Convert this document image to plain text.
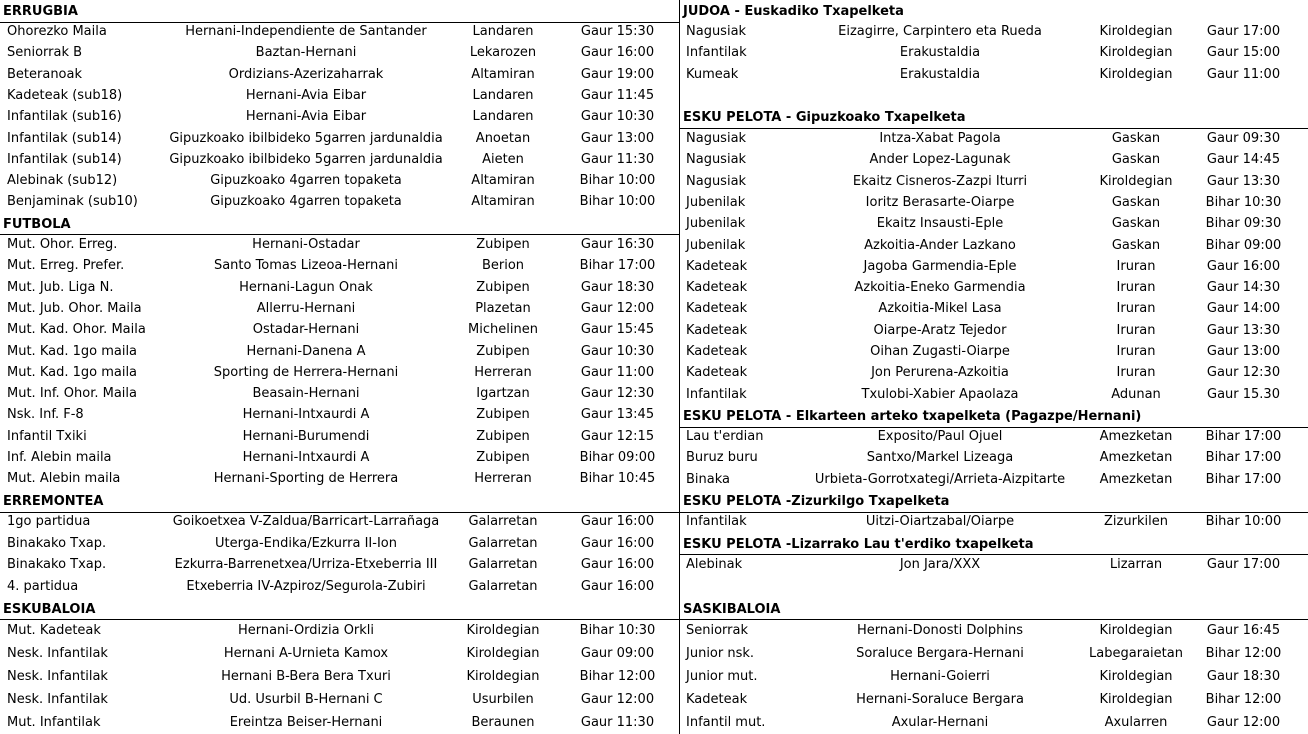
ERRUGBIA
Ohorezko Maila	Hernani-Independiente de Santander	Landaren	Gaur 15:30
Seniorrak B	Baztan-Hernani	Lekarozen	Gaur 16:00
Beteranoak	Ordizians-Azerizaharrak	Altamiran	Gaur 19:00
Kadeteak (sub18)	Hernani-Avia Eibar	Landaren	Gaur 11:45
Infantilak (sub16)	Hernani-Avia Eibar	Landaren	Gaur 10:30
Infantilak (sub14)	Gipuzkoako ibilbideko 5garren jardunaldia	Anoetan	Gaur 13:00
Infantilak (sub14)	Gipuzkoako ibilbideko 5garren jardunaldia	Aieten	Gaur 11:30
Alebinak (sub12)	Gipuzkoako 4garren topaketa	Altamiran	Bihar 10:00
Benjaminak (sub10)	Gipuzkoako 4garren topaketa	Altamiran	Bihar 10:00
FUTBOLA
Mut. Ohor. Erreg.	Hernani-Ostadar	Zubipen	Gaur 16:30
Mut. Erreg. Prefer.	Santo Tomas Lizeoa-Hernani	Berion	Bihar 17:00
Mut. Jub. Liga N.	Hernani-Lagun Onak	Zubipen	Gaur 18:30
Mut. Jub. Ohor. Maila	Allerru-Hernani	Plazetan	Gaur 12:00
Mut. Kad. Ohor. Maila	Ostadar-Hernani	Michelinen	Gaur 15:45
Mut. Kad. 1go maila	Hernani-Danena A	Zubipen	Gaur 10:30
Mut. Kad. 1go maila	Sporting de Herrera-Hernani	Herreran	Gaur 11:00
Mut. Inf. Ohor. Maila	Beasain-Hernani	Igartzan	Gaur 12:30
Nsk. Inf. F-8	Hernani-Intxaurdi A	Zubipen	Gaur 13:45
Infantil Txiki	Hernani-Burumendi	Zubipen	Gaur 12:15
Inf. Alebin maila	Hernani-Intxaurdi A	Zubipen	Bihar 09:00
Mut. Alebin maila	Hernani-Sporting de Herrera	Herreran	Bihar 10:45
ERREMONTEA
1go partidua	Goikoetxea V-Zaldua/Barricart-Larrañaga	Galarretan	Gaur 16:00
Binakako Txap.	Uterga-Endika/Ezkurra II-Ion	Galarretan	Gaur 16:00
Binakako Txap.	Ezkurra-Barrenetxea/Urriza-Etxeberria III	Galarretan	Gaur 16:00
4. partidua	Etxeberria IV-Azpiroz/Segurola-Zubiri	Galarretan	Gaur 16:00
ESKUBALOIA
Mut. Kadeteak	Hernani-Ordizia Orkli	Kiroldegian	Bihar 10:30
Nesk. Infantilak	Hernani A-Urnieta Kamox	Kiroldegian	Gaur 09:00
Nesk. Infantilak	Hernani B-Bera Bera Txuri	Kiroldegian	Bihar 12:00
Nesk. Infantilak	Ud. Usurbil B-Hernani C	Usurbilen	Gaur 12:00
Mut. Infantilak	Ereintza Beiser-Hernani	Beraunen	Gaur 11:30
JUDOA - Euskadiko Txapelketa
Nagusiak	Eizagirre, Carpintero eta Rueda	Kiroldegian	Gaur 17:00
Infantilak	Erakustaldia	Kiroldegian	Gaur 15:00
Kumeak	Erakustaldia	Kiroldegian	Gaur 11:00
ESKU PELOTA - Gipuzkoako Txapelketa
Nagusiak	Intza-Xabat Pagola	Gaskan	Gaur 09:30
Nagusiak	Ander Lopez-Lagunak	Gaskan	Gaur 14:45
Nagusiak	Ekaitz Cisneros-Zazpi Iturri	Kiroldegian	Gaur 13:30
Jubenilak	Ioritz Berasarte-Oiarpe	Gaskan	Bihar 10:30
Jubenilak	Ekaitz Insausti-Eple	Gaskan	Bihar 09:30
Jubenilak	Azkoitia-Ander Lazkano	Gaskan	Bihar 09:00
Kadeteak	Jagoba Garmendia-Eple	Iruran	Gaur 16:00
Kadeteak	Azkoitia-Eneko Garmendia	Iruran	Gaur 14:30
Kadeteak	Azkoitia-Mikel Lasa	Iruran	Gaur 14:00
Kadeteak	Oiarpe-Aratz Tejedor	Iruran	Gaur 13:30
Kadeteak	Oihan Zugasti-Oiarpe	Iruran	Gaur 13:00
Kadeteak	Jon Perurena-Azkoitia	Iruran	Gaur 12:30
Infantilak	Txulobi-Xabier Apaolaza	Adunan	Gaur 15.30
ESKU PELOTA - Elkarteen arteko txapelketa (Pagazpe/Hernani)
Lau t'erdian	Exposito/Paul Ojuel	Amezketan	Bihar 17:00
Buruz buru	Santxo/Markel Lizeaga	Amezketan	Bihar 17:00
Binaka	Urbieta-Gorrotxategi/Arrieta-Aizpitarte	Amezketan	Bihar 17:00
ESKU PELOTA -Zizurkilgo Txapelketa
Infantilak	Uitzi-Oiartzabal/Oiarpe	Zizurkilen	Bihar 10:00
ESKU PELOTA -Lizarrako Lau t'erdiko txapelketa
Alebinak	Jon Jara/XXX	Lizarran	Gaur 17:00
SASKIBALOIA
Seniorrak	Hernani-Donosti Dolphins	Kiroldegian	Gaur 16:45
Junior nsk.	Soraluce Bergara-Hernani	Labegaraietan	Bihar 12:00
Junior mut.	Hernani-Goierri	Kiroldegian	Gaur 18:30
Kadeteak	Hernani-Soraluce Bergara	Kiroldegian	Bihar 12:00
Infantil mut.	Axular-Hernani	Axularren	Gaur 12:00
